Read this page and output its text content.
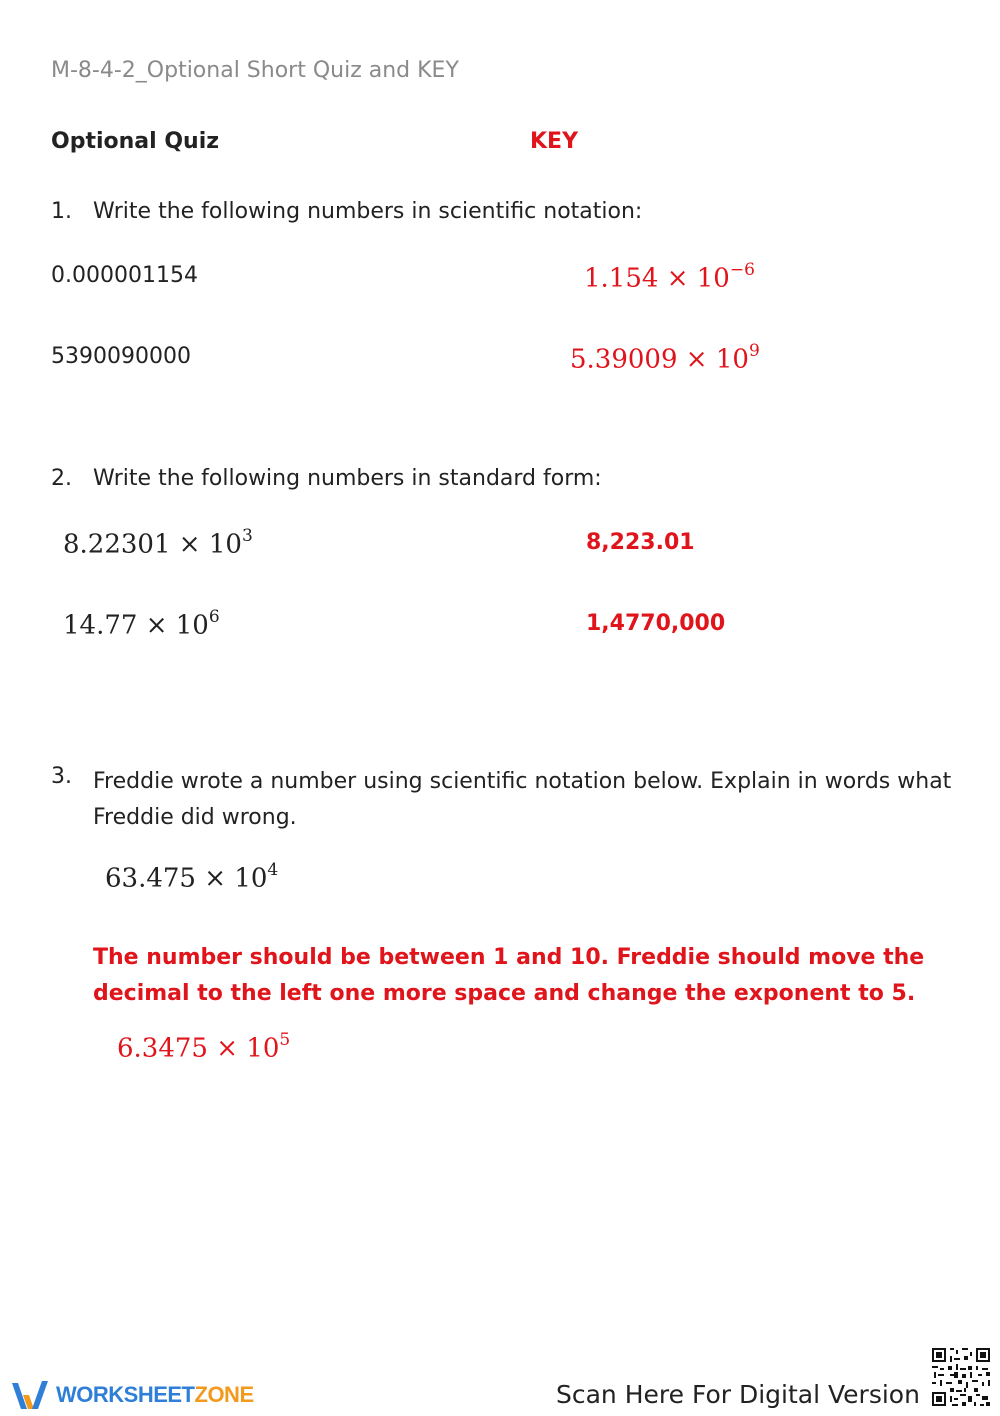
M-8-4-2_Optional Short Quiz and KEY
Optional Quiz	KEY
1. Write the following numbers in scientific notation:
0.000001154	$1.154 \times 10^{-6}$
5390090000	$5.39009 \times 10^9$
2. Write the following numbers in standard form:
$8.22301 \times 10^3$	8,223.01
$14.77 \times 10^6$	1,4770,000
3. Freddie wrote a number using scientific notation below. Explain in words what Freddie did wrong.
$63.475 \times 10^4$
The number should be between 1 and 10. Freddie should move the decimal to the left one more space and change the exponent to 5.
$6.3475 \times 10^5$
WORKSHEETZONE	Scan Here For Digital Version
